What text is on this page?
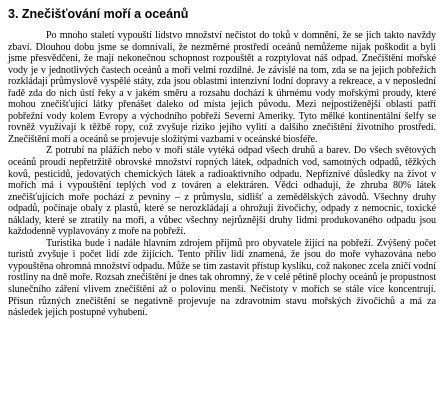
3. Znečišťování moří a oceánů

Po mnoho staletí vypouští lidstvo množství nečistot do toků v domnění, že se jich takto navždy zbaví. Dlouhou dobu jsme se domnívali, že nezměrné prostředí oceánů nemůžeme nijak poškodit a byli jsme přesvědčeni, že mají nekonečnou schopnost rozpouštět a rozptylovat náš odpad. Znečištění mořské vody je v jednotlivých častech oceánů a moří velmi rozdílné. Je závislé na tom, zda se na jejich pobřežích rozkládají průmyslově vyspělé státy, zda jsou oblastmi intenzivní lodní dopravy a rekreace, a v neposlední řadě zda do nich ústí řeky a v jakém směru a rozsahu dochází k úhrnému vody mořskými proudy, které mohou znečišťující látky přenášet daleko od místa jejich původu. Mezi nejpostiženější oblasti patří pobřežní vody kolem Evropy a východního pobřeží Severní Ameriky. Tyto mělké kontinentální šelfy se rovněž využívají k těžbě ropy, což zvyšuje riziko jejího vylití a dalšího znečištění životního prostředí. Znečištění moří a oceánů se projevuje složitými vazbami v oceánské biosféře.

Z potrubí na plážích nebo v moři stále vytéká odpad všech druhů a barev. Do všech světových oceánů proudí nepřetržitě obrovské množství ropných látek, odpadních vod, samotných odpadů, těžkých kovů, pesticidů, jedovatých chemických látek a radioaktivního odpadu. Nepříznivé důsledky na život v mořích má i vypouštění teplých vod z továren a elektráren. Vědci odhadují, že zhruba 80% látek znečišťujících moře pochází z pevniny – z průmyslu, sídlišť a zemědělských závodů. Všechny druhy odpadů, počínaje obaly z plastů, které se nerozkládají a ohrožují živočichy, odpady z nemocnic, toxické náklady, které se ztratily na moři, a vůbec všechny nejrůznější druhy lidmi produkovaného odpadu jsou každodenně vyplavovány z moře na pobřeží.

Turistika bude i nadále hlavním zdrojem příjmů pro obyvatele žijící na pobřeží. Zvýšený počet turistů zvyšuje i počet lidí zde žijících. Tento příliv lidí znamená, že jsou do moře vyhazována nebo vypouštěna ohromná množství odpadu. Může se tím zastavit přístup kyslíku, což nakonec zcela zničí vodní rostliny na dně moře. Rozsah znečištění je dnes tak ohromný, že v celé pětině plochy oceánů je propustnost slunečního záření vlivem znečištění až o polovinu menší. Nečistoty v mořích se stále více koncentrují. Přísun různých znečištění se negativně projevuje na zdravotním stavu mořských živočichů a má za následek jejich postupné vyhubení.
